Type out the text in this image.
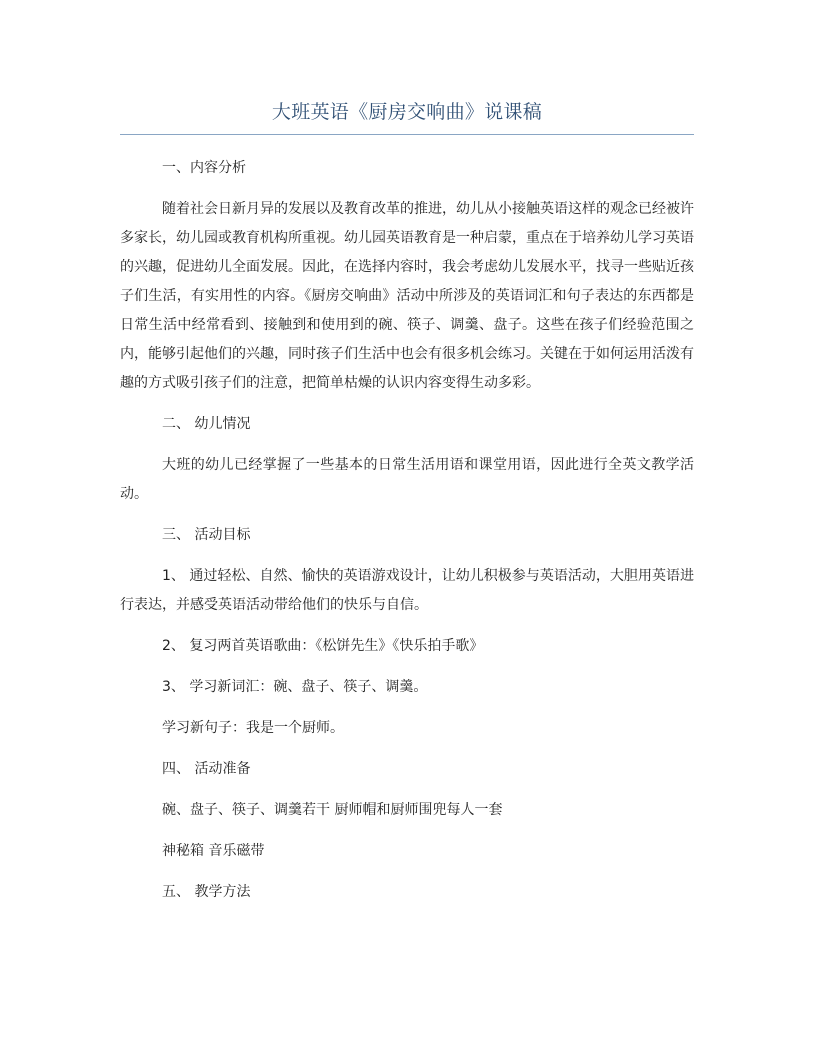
大班英语《厨房交响曲》说课稿

一、内容分析

随着社会日新月异的发展以及教育改革的推进，幼儿从小接触英语这样的观念已经被许多家长，幼儿园或教育机构所重视。幼儿园英语教育是一种启蒙，重点在于培养幼儿学习英语的兴趣，促进幼儿全面发展。因此，在选择内容时，我会考虑幼儿发展水平，找寻一些贴近孩子们生活，有实用性的内容。《厨房交响曲》活动中所涉及的英语词汇和句子表达的东西都是日常生活中经常看到、接触到和使用到的碗、筷子、调羹、盘子。这些在孩子们经验范围之内，能够引起他们的兴趣，同时孩子们生活中也会有很多机会练习。关键在于如何运用活泼有趣的方式吸引孩子们的注意，把简单枯燥的认识内容变得生动多彩。

二、 幼儿情况

大班的幼儿已经掌握了一些基本的日常生活用语和课堂用语，因此进行全英文教学活动。

三、 活动目标

1、 通过轻松、自然、愉快的英语游戏设计，让幼儿积极参与英语活动，大胆用英语进行表达，并感受英语活动带给他们的快乐与自信。

2、 复习两首英语歌曲：《松饼先生》《快乐拍手歌》

3、 学习新词汇：碗、盘子、筷子、调羹。

学习新句子：我是一个厨师。

四、 活动准备

碗、盘子、筷子、调羹若干 厨师帽和厨师围兜每人一套

神秘箱 音乐磁带

五、 教学方法
